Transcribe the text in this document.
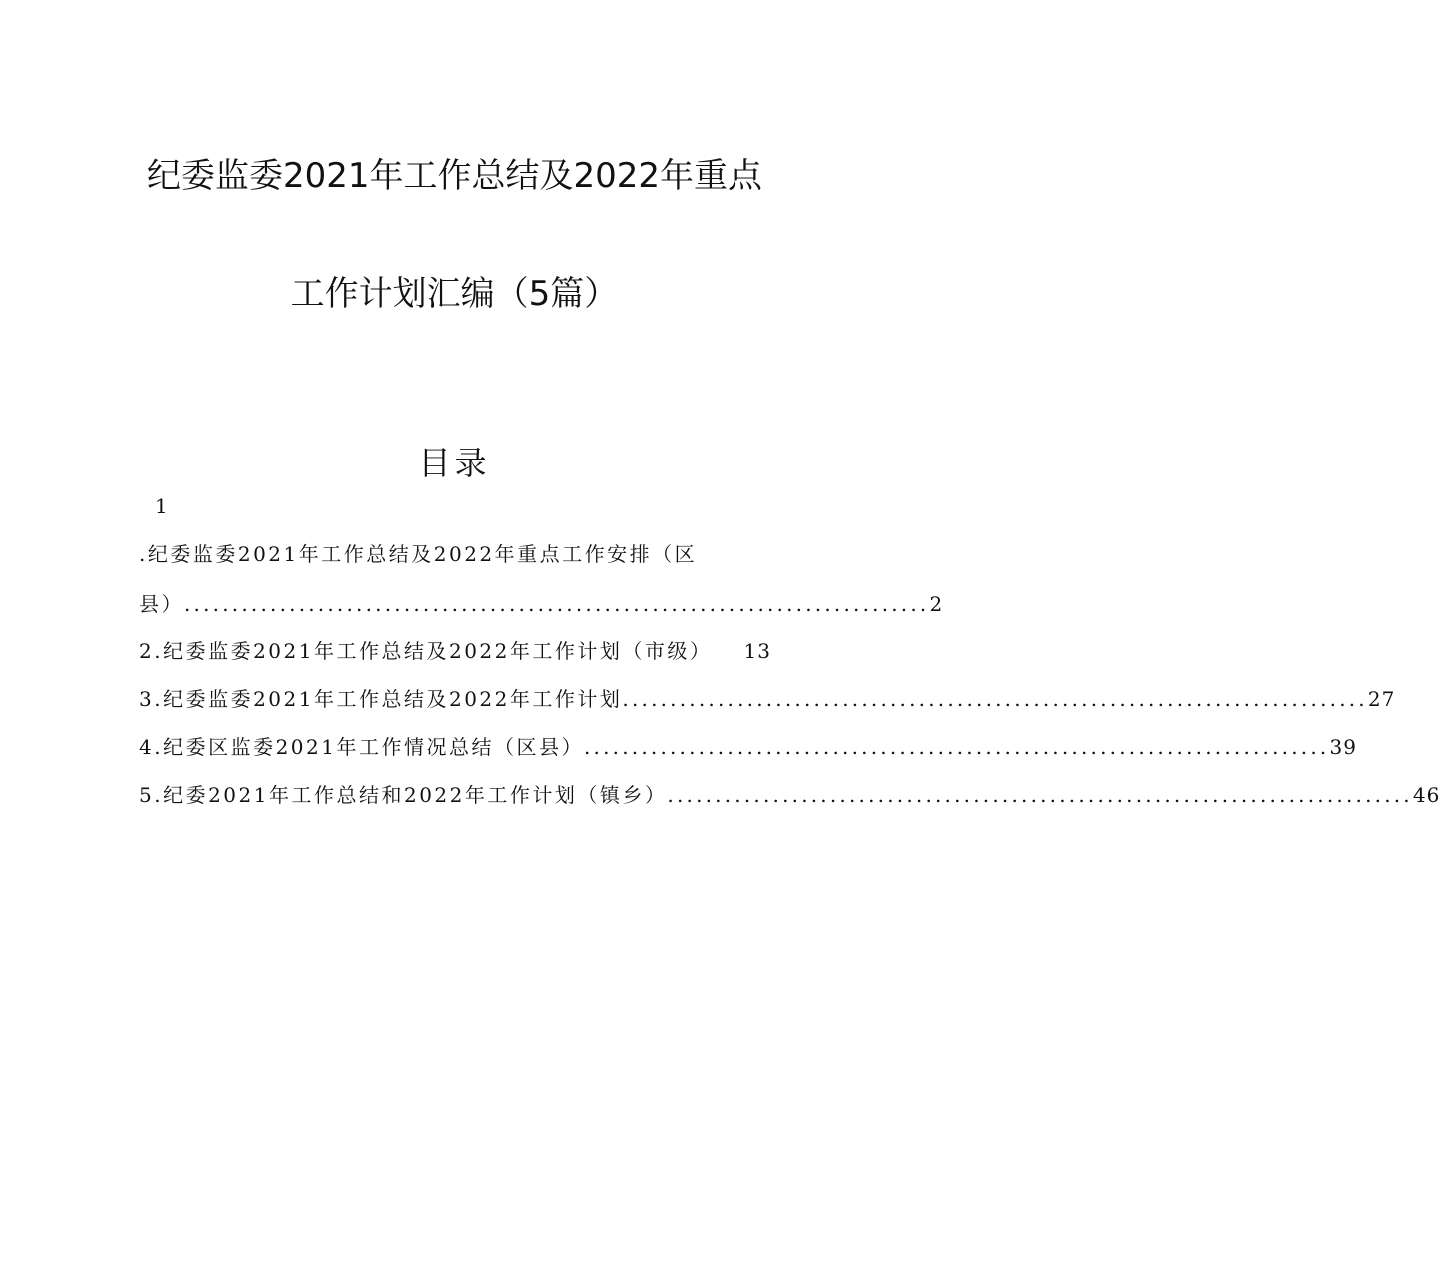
纪委监委2021年工作总结及2022年重点
工作计划汇编（5篇）
目录
1
.纪委监委2021年工作总结及2022年重点工作安排（区
县） .............................................................................. 2
2.纪委监委2021年工作总结及2022年工作计划（市级） 13
3.纪委监委2021年工作总结及2022年工作计划 .............................................................................. 27
4.纪委区监委2021年工作情况总结（区县） .............................................................................. 39
5.纪委2021年工作总结和2022年工作计划（镇乡） .............................................................................. 46
